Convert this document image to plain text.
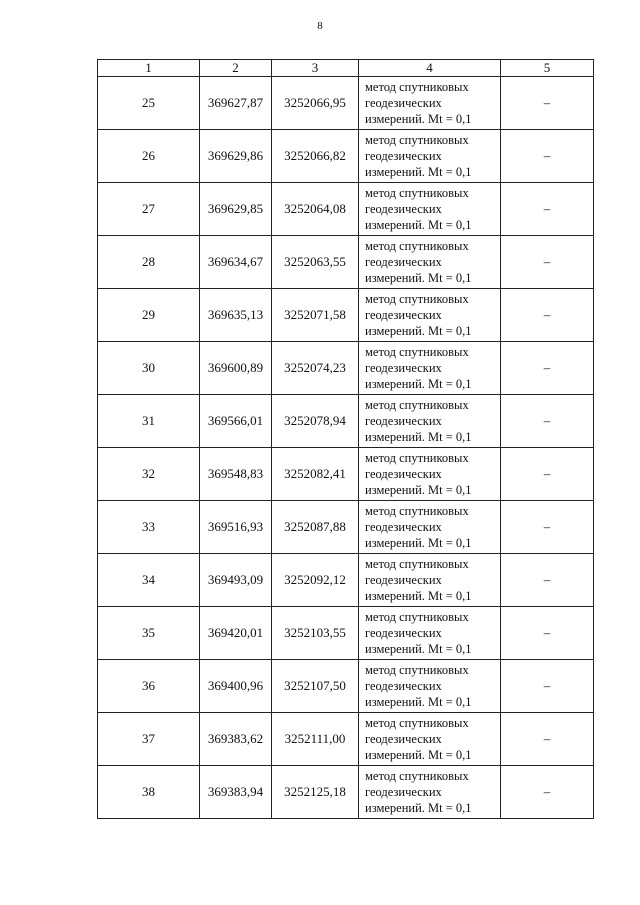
8
1	2	3	4	5
25	369627,87	3252066,95	метод спутниковых
геодезических
измерений. Mt = 0,1	–
26	369629,86	3252066,82	метод спутниковых
геодезических
измерений. Mt = 0,1	–
27	369629,85	3252064,08	метод спутниковых
геодезических
измерений. Mt = 0,1	–
28	369634,67	3252063,55	метод спутниковых
геодезических
измерений. Mt = 0,1	–
29	369635,13	3252071,58	метод спутниковых
геодезических
измерений. Mt = 0,1	–
30	369600,89	3252074,23	метод спутниковых
геодезических
измерений. Mt = 0,1	–
31	369566,01	3252078,94	метод спутниковых
геодезических
измерений. Mt = 0,1	–
32	369548,83	3252082,41	метод спутниковых
геодезических
измерений. Mt = 0,1	–
33	369516,93	3252087,88	метод спутниковых
геодезических
измерений. Mt = 0,1	–
34	369493,09	3252092,12	метод спутниковых
геодезических
измерений. Mt = 0,1	–
35	369420,01	3252103,55	метод спутниковых
геодезических
измерений. Mt = 0,1	–
36	369400,96	3252107,50	метод спутниковых
геодезических
измерений. Mt = 0,1	–
37	369383,62	3252111,00	метод спутниковых
геодезических
измерений. Mt = 0,1	–
38	369383,94	3252125,18	метод спутниковых
геодезических
измерений. Mt = 0,1	–
